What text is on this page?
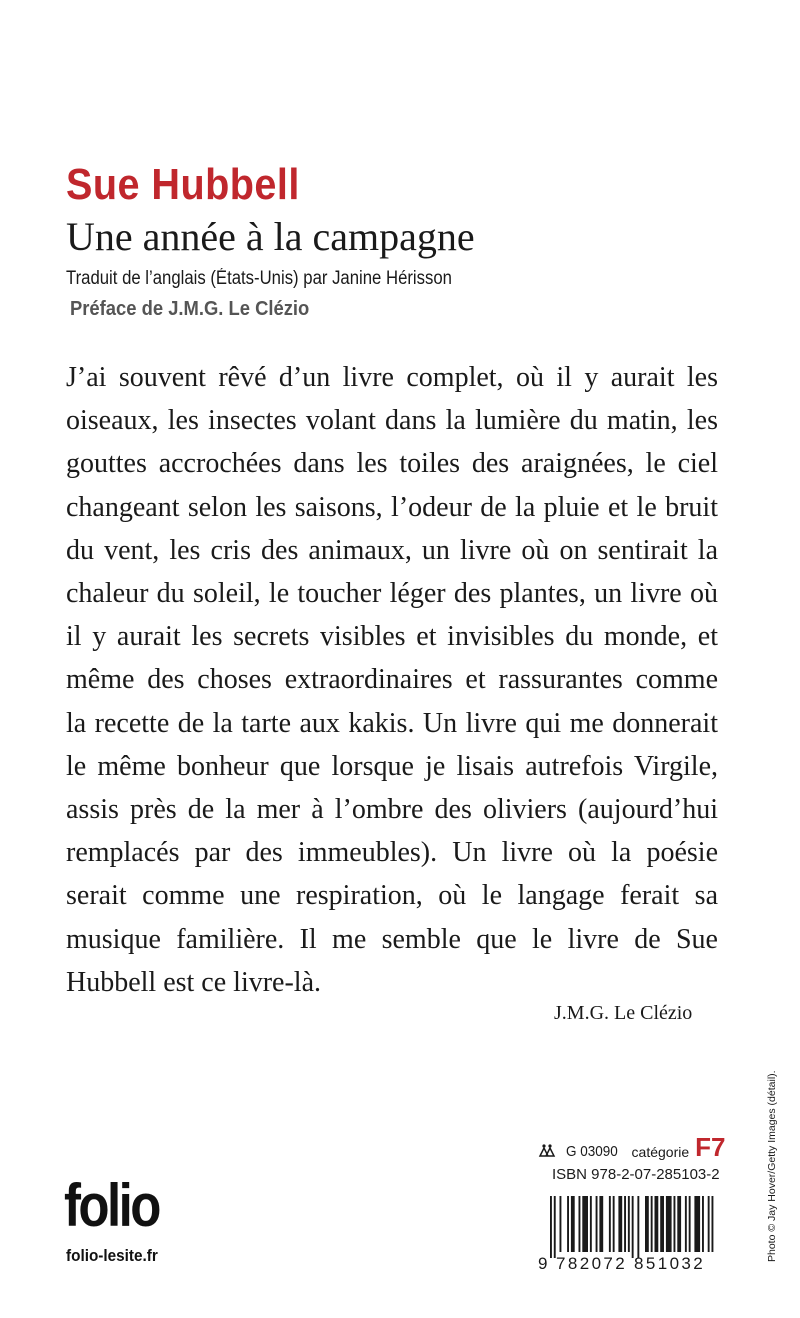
Sue Hubbell
Une année à la campagne
Traduit de l’anglais (États-Unis) par Janine Hérisson
Préface de J.M.G. Le Clézio
J’ai souvent rêvé d’un livre complet, où il y aurait les
oiseaux, les insectes volant dans la lumière du matin, les
gouttes accrochées dans les toiles des araignées, le ciel
changeant selon les saisons, l’odeur de la pluie et le bruit
du vent, les cris des animaux, un livre où on sentirait la
chaleur du soleil, le toucher léger des plantes, un livre où
il y aurait les secrets visibles et invisibles du monde, et
même des choses extraordinaires et rassurantes comme
la recette de la tarte aux kakis. Un livre qui me donnerait
le même bonheur que lorsque je lisais autrefois Virgile,
assis près de la mer à l’ombre des oliviers (aujourd’hui
remplacés par des immeubles). Un livre où la poésie
serait comme une respiration, où le langage ferait sa
musique familière. Il me semble que le livre de Sue
Hubbell est ce livre-là.
J.M.G. Le Clézio
Photo © Jay Hover/Getty Images (détail).
G 03090 catégorie F7
ISBN 978-2-07-285103-2
9 782072 851032
folio
folio-lesite.fr
